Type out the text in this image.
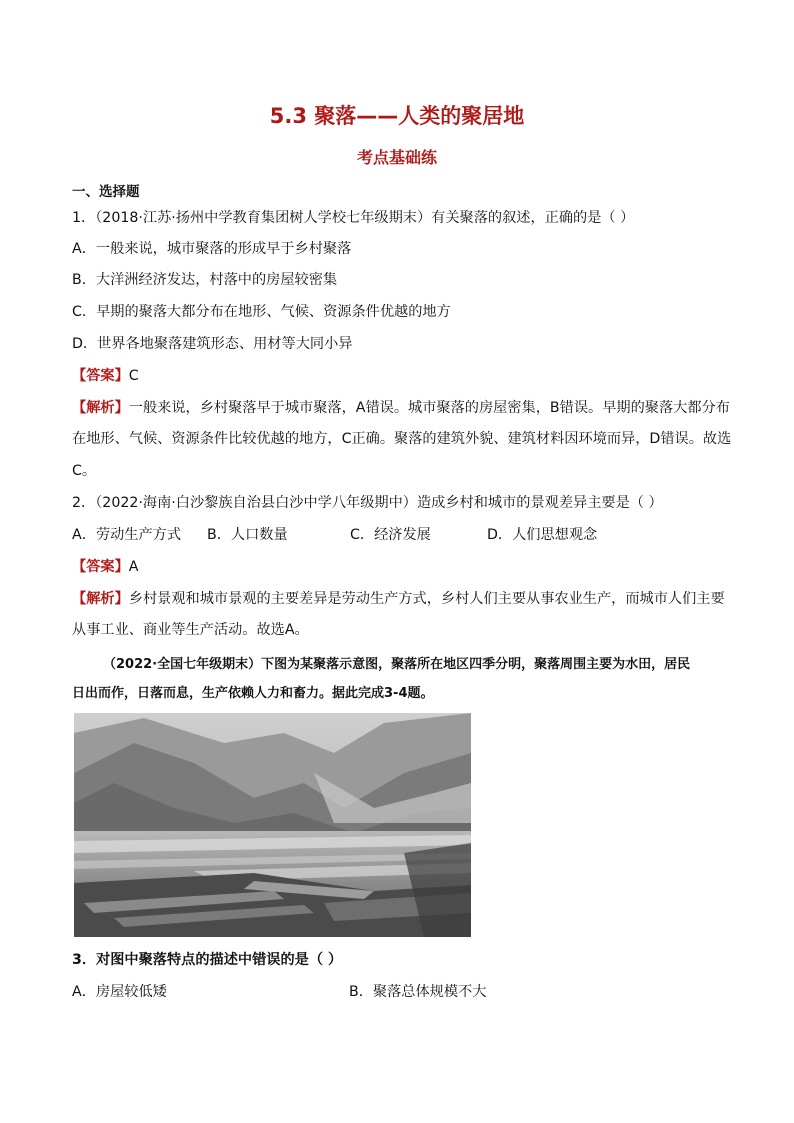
5.3 聚落——人类的聚居地
考点基础练
一、选择题
1．（2018·江苏·扬州中学教育集团树人学校七年级期末）有关聚落的叙述，正确的是（ ）
A．一般来说，城市聚落的形成早于乡村聚落
B．大洋洲经济发达，村落中的房屋较密集
C．早期的聚落大都分布在地形、气候、资源条件优越的地方
D．世界各地聚落建筑形态、用材等大同小异
【答案】C
【解析】一般来说，乡村聚落早于城市聚落，A错误。城市聚落的房屋密集，B错误。早期的聚落大都分布
在地形、气候、资源条件比较优越的地方，C正确。聚落的建筑外貌、建筑材料因环境而异，D错误。故选
C。
2．（2022·海南·白沙黎族自治县白沙中学八年级期中）造成乡村和城市的景观差异主要是（ ）
A．劳动生产方式 B．人口数量	C．经济发展	D．人们思想观念
【答案】A
【解析】乡村景观和城市景观的主要差异是劳动生产方式，乡村人们主要从事农业生产，而城市人们主要
从事工业、商业等生产活动。故选A。
（2022·全国七年级期末）下图为某聚落示意图，聚落所在地区四季分明，聚落周围主要为水田，居民
日出而作，日落而息，生产依赖人力和畜力。据此完成3-4题。
3．对图中聚落特点的描述中错误的是（ ）
A．房屋较低矮	B．聚落总体规模不大
